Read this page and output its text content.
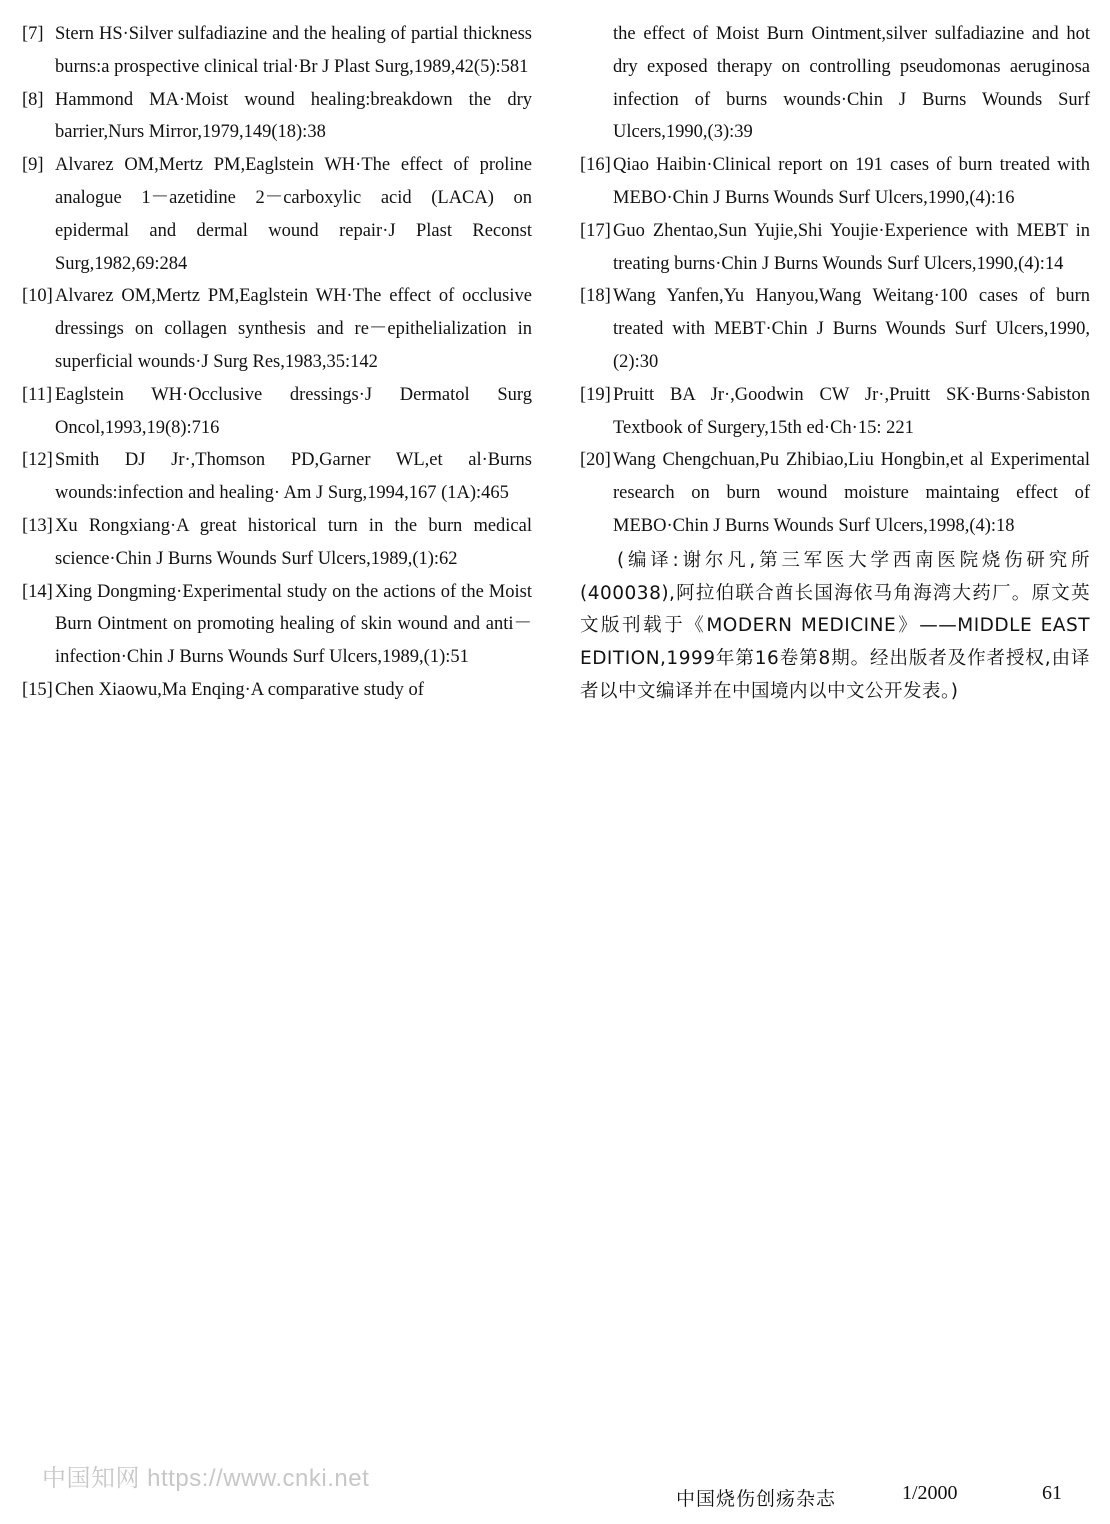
[7] Stern HS·Silver sulfadiazine and the healing of partial thickness burns:a prospective clinical trial·Br J Plast Surg,1989,42(5):581
[8] Hammond MA·Moist wound healing:breakdown the dry barrier,Nurs Mirror,1979,149(18):38
[9] Alvarez OM,Mertz PM,Eaglstein WH·The effect of proline analogue 1－azetidine 2－carboxylic acid (LACA) on epidermal and dermal wound repair·J Plast Reconst Surg,1982,69:284
[10] Alvarez OM,Mertz PM,Eaglstein WH·The effect of occlusive dressings on collagen synthesis and re－epithelialization in superficial wounds·J Surg Res,1983,35:142
[11] Eaglstein WH·Occlusive dressings·J Dermatol Surg Oncol,1993,19(8):716
[12] Smith DJ Jr·,Thomson PD,Garner WL,et al·Burns wounds:infection and healing· Am J Surg,1994,167 (1A):465
[13] Xu Rongxiang·A great historical turn in the burn medical science·Chin J Burns Wounds Surf Ulcers,1989,(1):62
[14] Xing Dongming·Experimental study on the actions of the Moist Burn Ointment on promoting healing of skin wound and anti－infection·Chin J Burns Wounds Surf Ulcers,1989,(1):51
[15] Chen Xiaowu,Ma Enqing·A comparative study of
the effect of Moist Burn Ointment,silver sulfadiazine and hot dry exposed therapy on controlling pseudomonas aeruginosa infection of burns wounds·Chin J Burns Wounds Surf Ulcers,1990,(3):39
[16] Qiao Haibin·Clinical report on 191 cases of burn treated with MEBO·Chin J Burns Wounds Surf Ulcers,1990,(4):16
[17] Guo Zhentao,Sun Yujie,Shi Youjie·Experience with MEBT in treating burns·Chin J Burns Wounds Surf Ulcers,1990,(4):14
[18] Wang Yanfen,Yu Hanyou,Wang Weitang·100 cases of burn treated with MEBT·Chin J Burns Wounds Surf Ulcers,1990,(2):30
[19] Pruitt BA Jr·,Goodwin CW Jr·,Pruitt SK·Burns·Sabiston Textbook of Surgery,15th ed·Ch·15: 221
[20] Wang Chengchuan,Pu Zhibiao,Liu Hongbin,et al Experimental research on burn wound moisture maintaing effect of MEBO·Chin J Burns Wounds Surf Ulcers,1998,(4):18
(编译:谢尔凡,第三军医大学西南医院烧伤研究所(400038),阿拉伯联合酋长国海依马角海湾大药厂。原文英文版刊载于《MODERN MEDICINE》——MIDDLE EAST EDITION,1999年第16卷第8期。经出版者及作者授权,由译者以中文编译并在中国境内以中文公开发表。)
中国知网 https://www.cnki.net
中国烧伤创疡杂志	1/2000	61
